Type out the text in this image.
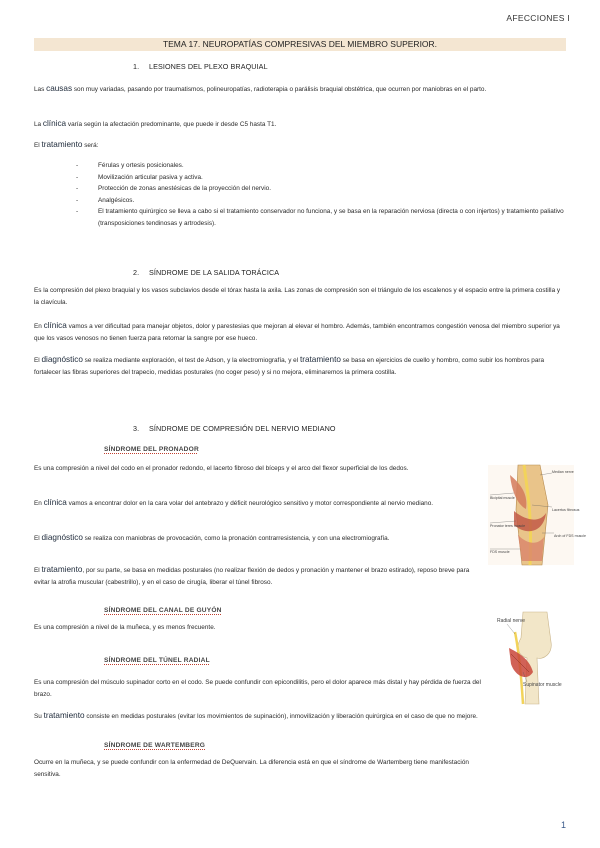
AFECCIONES I
TEMA 17. NEUROPATÍAS COMPRESIVAS DEL MIEMBRO SUPERIOR.
1. LESIONES DEL PLEXO BRAQUIAL
Las causas son muy variadas, pasando por traumatismos, polineuropatías, radioterapia o parálisis braquial obstétrica, que ocurren por maniobras en el parto.
La clínica varía según la afectación predominante, que puede ir desde C5 hasta T1.
El tratamiento será:
- Férulas y ortesis posicionales.
- Movilización articular pasiva y activa.
- Protección de zonas anestésicas de la proyección del nervio.
- Analgésicos.
- El tratamiento quirúrgico se lleva a cabo si el tratamiento conservador no funciona, y se basa en la reparación nerviosa (directa o con injertos) y tratamiento paliativo (transposiciones tendinosas y artrodesis).
2. SÍNDROME DE LA SALIDA TORÁCICA
Es la compresión del plexo braquial y los vasos subclavios desde el tórax hasta la axila. Las zonas de compresión son el triángulo de los escalenos y el espacio entre la primera costilla y la clavícula.
En clínica vamos a ver dificultad para manejar objetos, dolor y parestesias que mejoran al elevar el hombro. Además, también encontramos congestión venosa del miembro superior ya que los vasos venosos no tienen fuerza para retornar la sangre por ese hueco.
El diagnóstico se realiza mediante exploración, el test de Adson, y la electromiografía, y el tratamiento se basa en ejercicios de cuello y hombro, como subir los hombros para fortalecer las fibras superiores del trapecio, medidas posturales (no coger peso) y si no mejora, eliminaremos la primera costilla.
3. SÍNDROME DE COMPRESIÓN DEL NERVIO MEDIANO
SÍNDROME DEL PRONADOR
Es una compresión a nivel del codo en el pronador redondo, el lacerto fibroso del bíceps y el arco del flexor superficial de los dedos.
En clínica vamos a encontrar dolor en la cara volar del antebrazo y déficit neurológico sensitivo y motor correspondiente al nervio mediano.
El diagnóstico se realiza con maniobras de provocación, como la pronación contrarresistencia, y con una electromiografía.
El tratamiento, por su parte, se basa en medidas posturales (no realizar flexión de dedos y pronación y mantener el brazo estirado), reposo breve para evitar la atrofia muscular (cabestrillo), y en el caso de cirugía, liberar el túnel fibroso.
SÍNDROME DEL CANAL DE GUYÓN
Es una compresión a nivel de la muñeca, y es menos frecuente.
SÍNDROME DEL TÚNEL RADIAL
Es una compresión del músculo supinador corto en el codo. Se puede confundir con epicondilitis, pero el dolor aparece más distal y hay pérdida de fuerza del brazo.
Su tratamiento consiste en medidas posturales (evitar los movimientos de supinación), inmovilización y liberación quirúrgica en el caso de que no mejore.
SÍNDROME DE WARTEMBERG
Ocurre en la muñeca, y se puede confundir con la enfermedad de DeQuervain. La diferencia está en que el síndrome de Wartemberg tiene manifestación sensitiva.
Median nerve
Bicipital muscle
Lacertus fibrosus
Pronator teres muscle
Arch of FDS muscle
FDS muscle
Radial nerve
Supinator muscle
1
